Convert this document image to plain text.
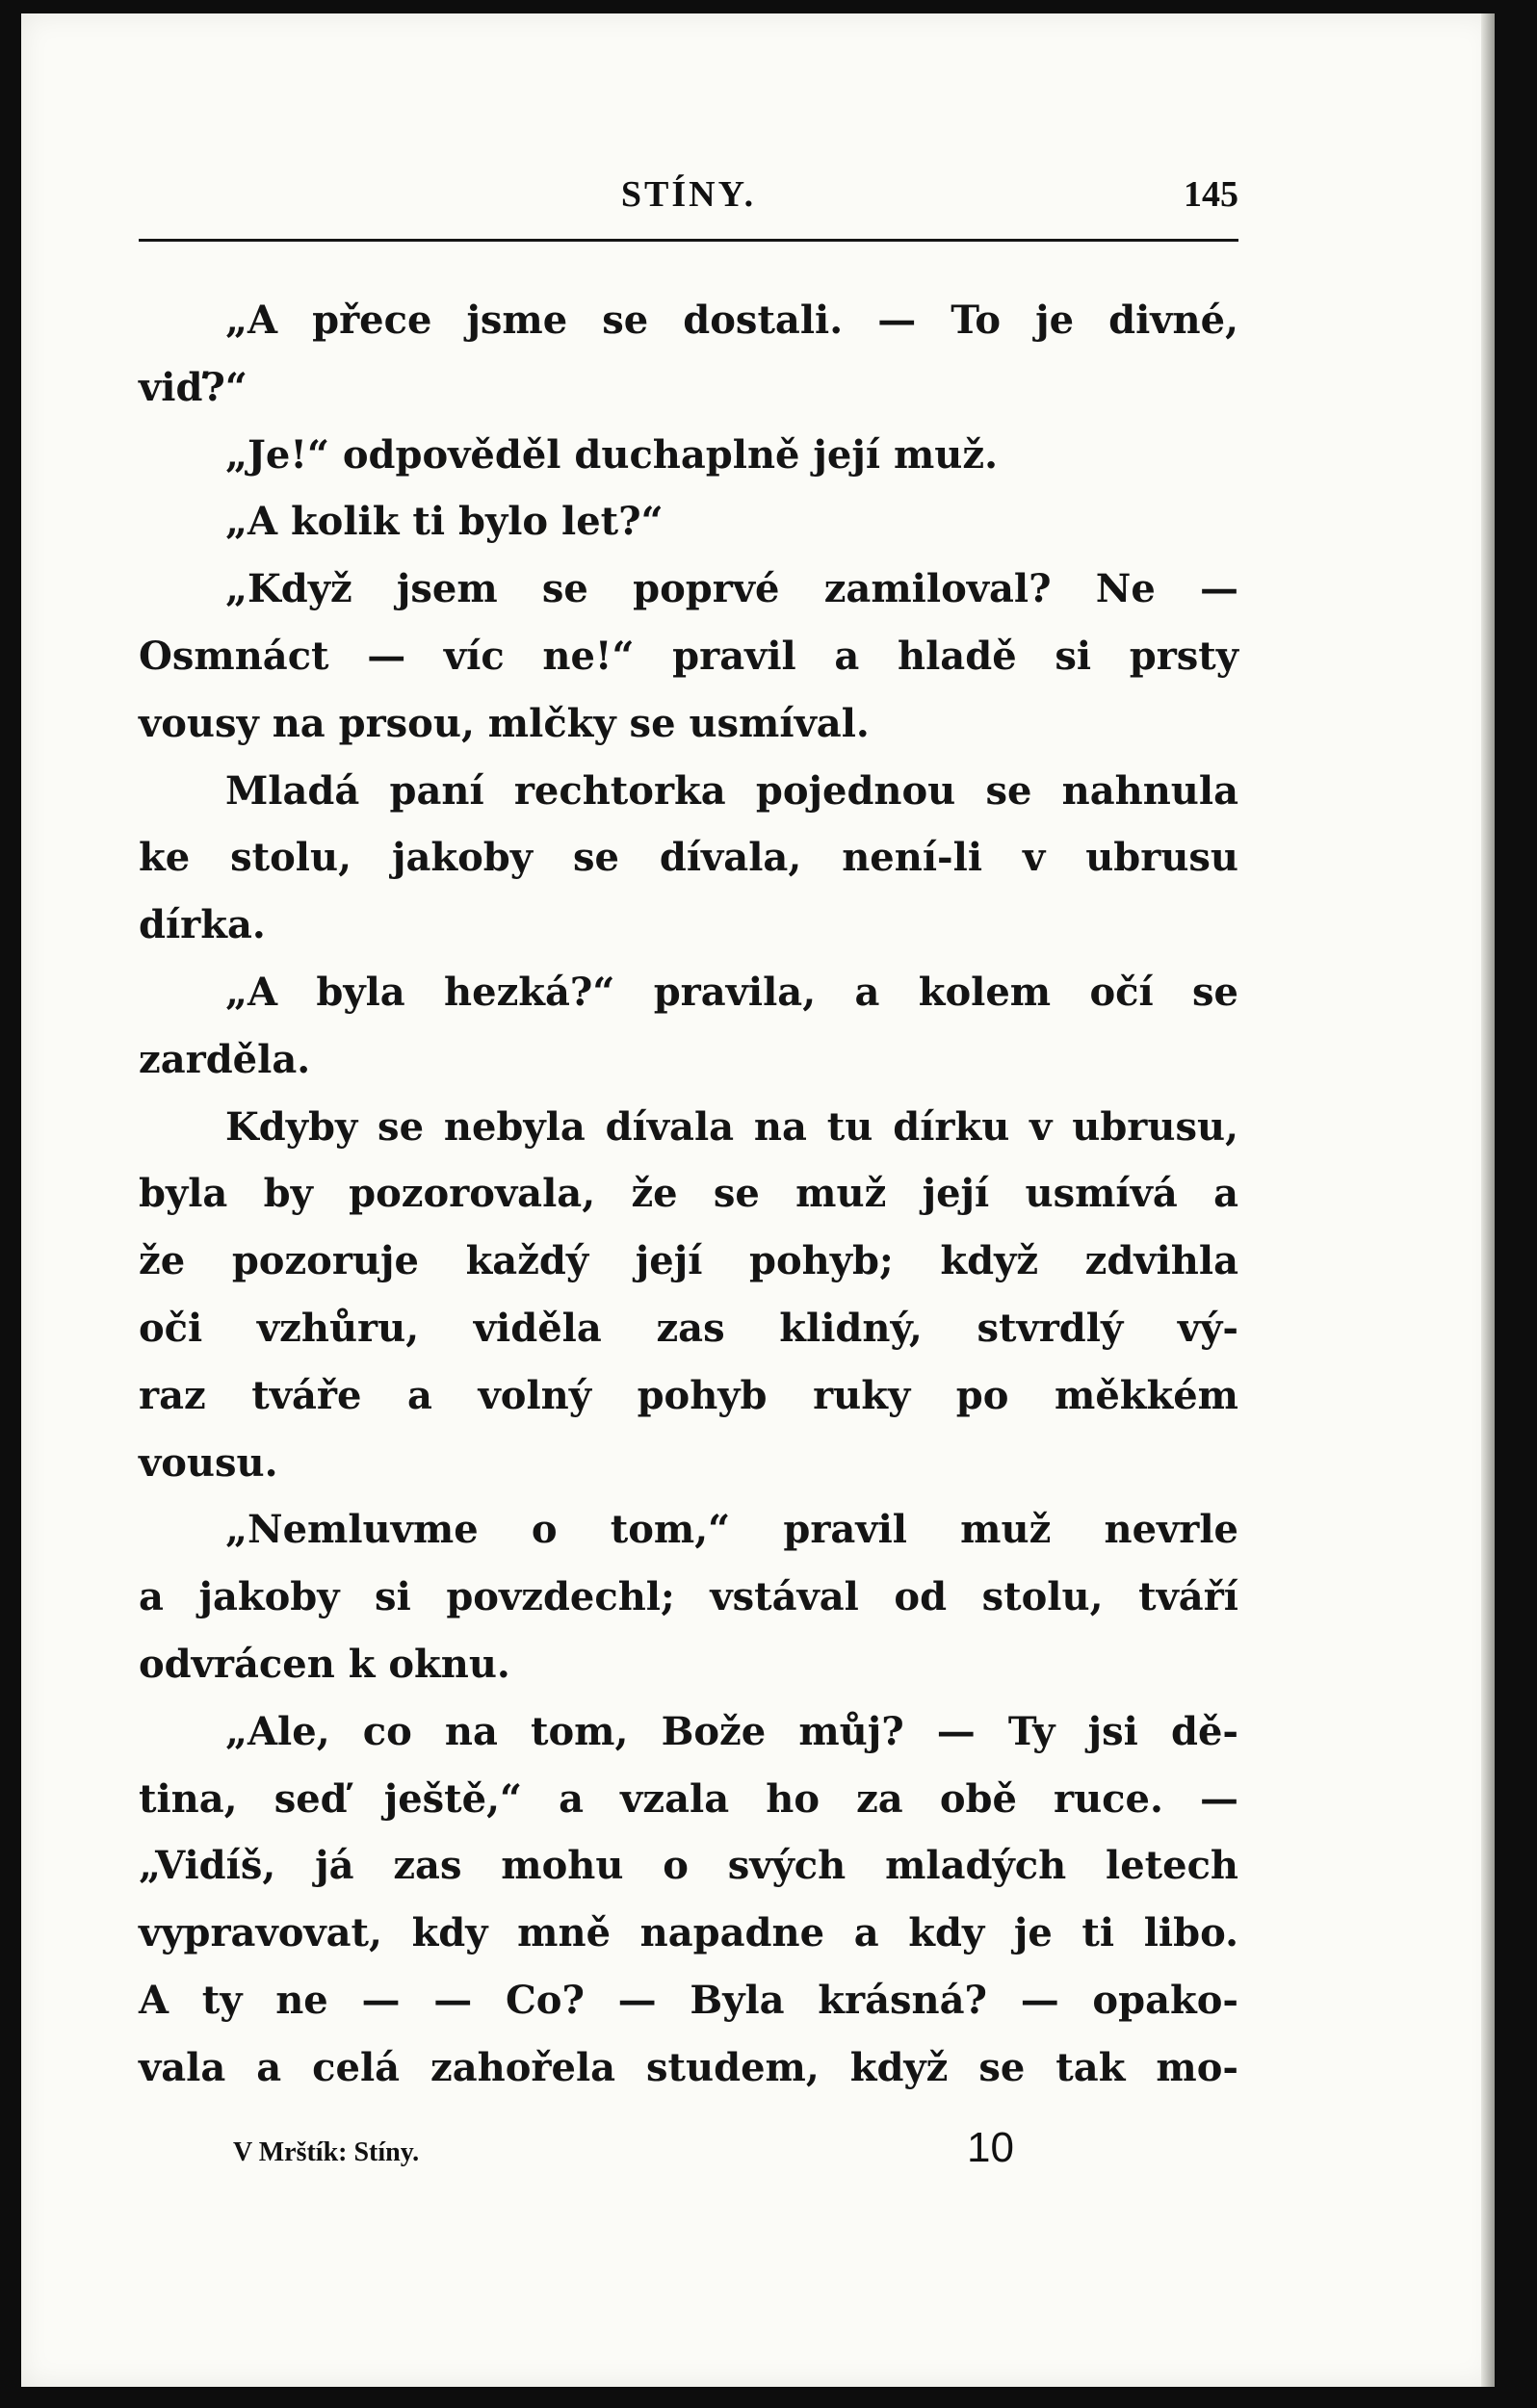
STÍNY.	145
„A přece jsme se dostali. — To je divné,
viď?“
„Je!“ odpověděl duchaplně její muž.
„A kolik ti bylo let?“
„Když jsem se poprvé zamiloval? Ne —
Osmnáct — víc ne!“ pravil a hladě si prsty
vousy na prsou, mlčky se usmíval.
Mladá paní rechtorka pojednou se nahnula
ke stolu, jakoby se dívala, není-li v ubrusu
dírka.
„A byla hezká?“ pravila, a kolem očí se
zarděla.
Kdyby se nebyla dívala na tu dírku v ubrusu,
byla by pozorovala, že se muž její usmívá a
že pozoruje každý její pohyb; když zdvihla
oči vzhůru, viděla zas klidný, stvrdlý vý-
raz tváře a volný pohyb ruky po měkkém
vousu.
„Nemluvme o tom,“ pravil muž nevrle
a jakoby si povzdechl; vstával od stolu, tváří
odvrácen k oknu.
„Ale, co na tom, Bože můj? — Ty jsi dě-
tina, seď ještě,“ a vzala ho za obě ruce. —
„Vidíš, já zas mohu o svých mladých letech
vypravovat, kdy mně napadne a kdy je ti libo.
A ty ne — — Co? — Byla krásná? — opako-
vala a celá zahořela studem, když se tak mo-
V Mrštík: Stíny.	10
